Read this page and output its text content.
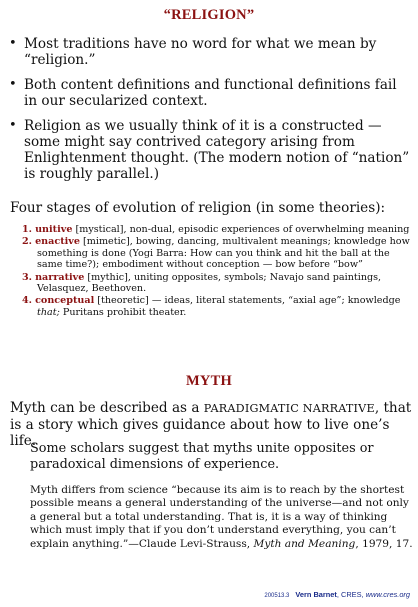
“RELIGION”
• Most traditions have no word for what we mean by “religion.”
• Both content definitions and functional definitions fail in our secularized context.
• Religion as we usually think of it is a constructed — some might say contrived category arising from Enlightenment thought. (The modern notion of “nation” is roughly parallel.)
Four stages of evolution of religion (in some theories):
1. unitive [mystical], non-dual, episodic experiences of overwhelming meaning
2. enactive [mimetic], bowing, dancing, multivalent meanings; knowledge how something is done (Yogi Barra: How can you think and hit the ball at the same time?); embodiment without conception — bow before “bow”
3. narrative [mythic], uniting opposites, symbols; Navajo sand paintings, Velasquez, Beethoven.
4. conceptual [theoretic] — ideas, literal statements, “axial age”; knowledge that; Puritans prohibit theater.
MYTH
Myth can be described as a PARADIGMATIC NARRATIVE, that is a story which gives guidance about how to live one’s life.
Some scholars suggest that myths unite opposites or paradoxical dimensions of experience.
Myth differs from science “because its aim is to reach by the shortest possible means a general understanding of the universe—and not only a general but a total understanding. That is, it is a way of thinking which must imply that if you don’t understand everything, you can’t explain anything.”—Claude Levi-Strauss, Myth and Meaning, 1979, 17.
200513.3 Vern Barnet, CRES, www.cres.org
